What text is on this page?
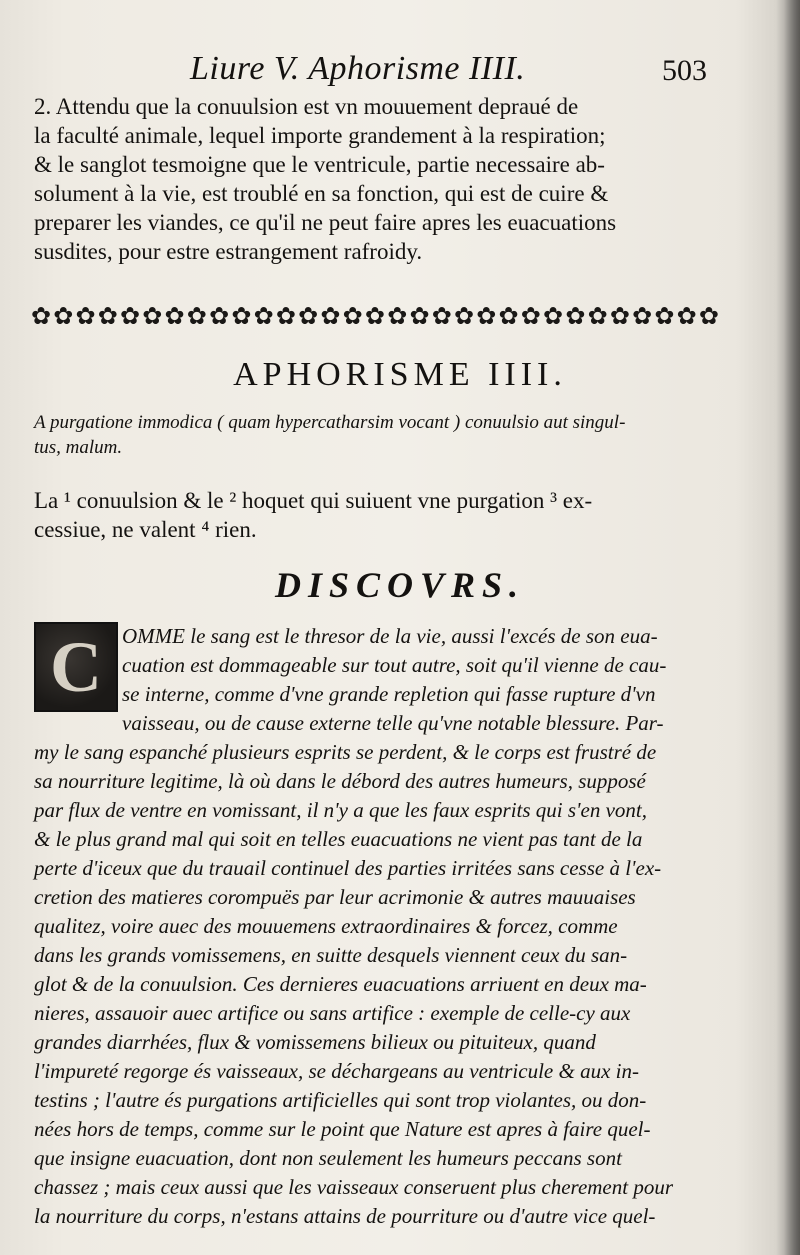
Liure V. Aphorisme IIII.	503
2. Attendu que la conuulsion est vn mouuement depraué de
la faculté animale, lequel importe grandement à la respiration;
& le sanglot tesmoigne que le ventricule, partie necessaire ab-
solument à la vie, est troublé en sa fonction, qui est de cuire &
preparer les viandes, ce qu'il ne peut faire apres les euacuations
susdites, pour estre estrangement rafroidy.
✿ ✿ ✿ ✿ ✿ ✿ ✿ ✿ ✿ ✿ ✿ ✿ ✿ ✿ ✿ ✿ ✿ ✿ ✿ ✿ ✿ ✿ ✿ ✿ ✿ ✿ ✿ ✿ ✿ ✿ ✿
APHORISME IIII.
A purgatione immodica ( quam hypercatharsim vocant ) conuulsio aut singul-
tus, malum.
La ¹ conuulsion & le ² hoquet qui suiuent vne purgation ³ ex-
cessiue, ne valent ⁴ rien.
DISCOVRS.
C OMME le sang est le thresor de la vie, aussi l'excés de son eua-
cuation est dommageable sur tout autre, soit qu'il vienne de cau-
se interne, comme d'vne grande repletion qui fasse rupture d'vn
vaisseau, ou de cause externe telle qu'vne notable blessure. Par-
my le sang espanché plusieurs esprits se perdent, & le corps est frustré de
sa nourriture legitime, là où dans le débord des autres humeurs, supposé
par flux de ventre en vomissant, il n'y a que les faux esprits qui s'en vont,
& le plus grand mal qui soit en telles euacuations ne vient pas tant de la
perte d'iceux que du trauail continuel des parties irritées sans cesse à l'ex-
cretion des matieres corompuës par leur acrimonie & autres mauuaises
qualitez, voire auec des mouuemens extraordinaires & forcez, comme
dans les grands vomissemens, en suitte desquels viennent ceux du san-
glot & de la conuulsion. Ces dernieres euacuations arriuent en deux ma-
nieres, assauoir auec artifice ou sans artifice : exemple de celle-cy aux
grandes diarrhées, flux & vomissemens bilieux ou pituiteux, quand
l'impureté regorge és vaisseaux, se déchargeans au ventricule & aux in-
testins ; l'autre és purgations artificielles qui sont trop violantes, ou don-
nées hors de temps, comme sur le point que Nature est apres à faire quel-
que insigne euacuation, dont non seulement les humeurs peccans sont
chassez ; mais ceux aussi que les vaisseaux conseruent plus cherement pour
la nourriture du corps, n'estans attains de pourriture ou d'autre vice quel-
